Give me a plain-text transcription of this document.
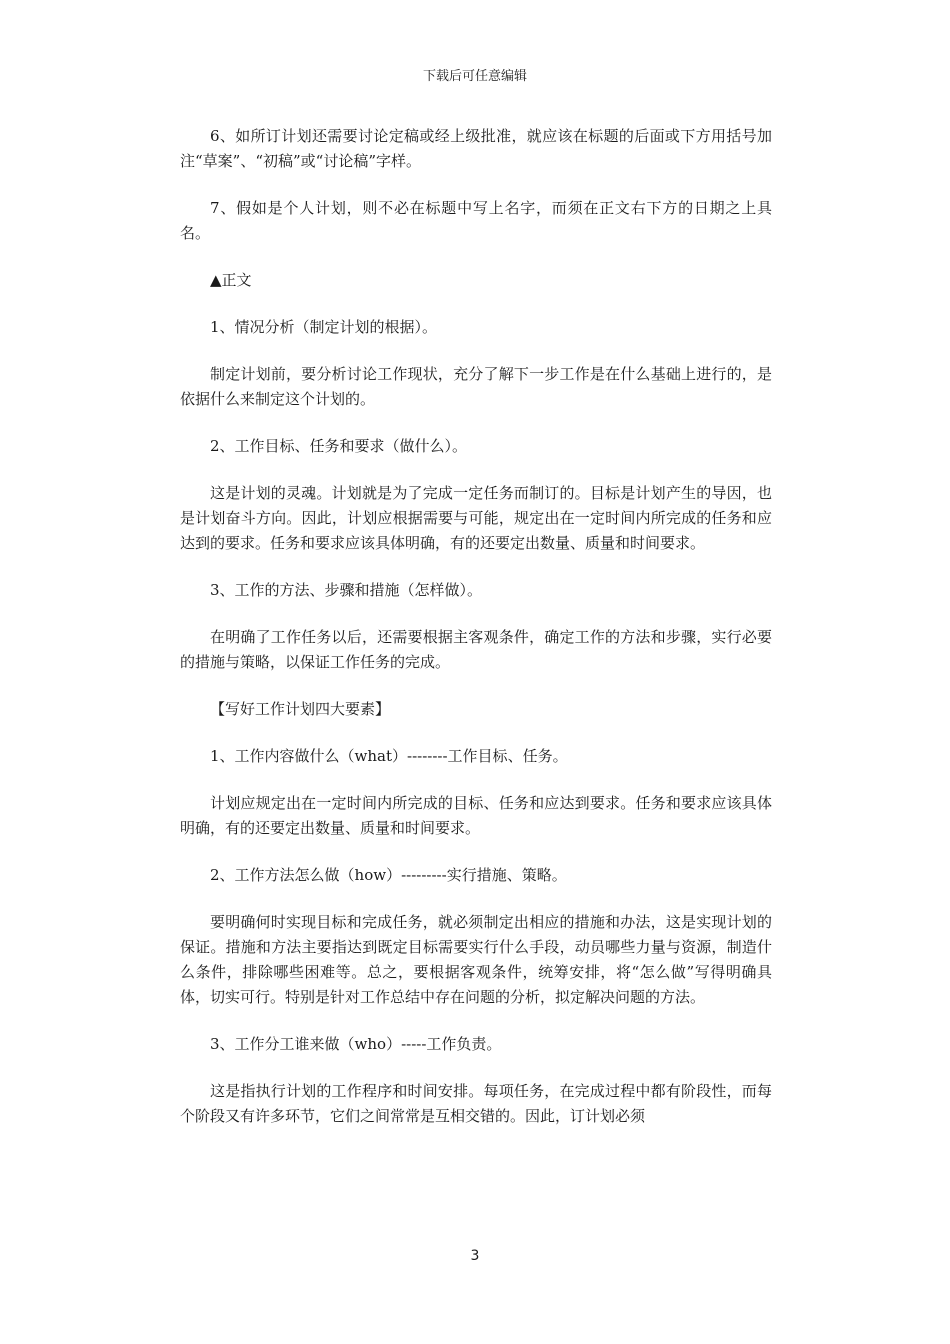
下载后可任意编辑

6、如所订计划还需要讨论定稿或经上级批准，就应该在标题的后面或下方用括号加注“草案”、“初稿”或“讨论稿”字样。

7、假如是个人计划，则不必在标题中写上名字，而须在正文右下方的日期之上具名。

▲正文

1、情况分析（制定计划的根据）。

制定计划前，要分析讨论工作现状，充分了解下一步工作是在什么基础上进行的，是依据什么来制定这个计划的。

2、工作目标、任务和要求（做什么）。

这是计划的灵魂。计划就是为了完成一定任务而制订的。目标是计划产生的导因，也是计划奋斗方向。因此，计划应根据需要与可能，规定出在一定时间内所完成的任务和应达到的要求。任务和要求应该具体明确，有的还要定出数量、质量和时间要求。

3、工作的方法、步骤和措施（怎样做）。

在明确了工作任务以后，还需要根据主客观条件，确定工作的方法和步骤，实行必要的措施与策略，以保证工作任务的完成。

【写好工作计划四大要素】

1、工作内容做什么（what）--------工作目标、任务。

计划应规定出在一定时间内所完成的目标、任务和应达到要求。任务和要求应该具体明确，有的还要定出数量、质量和时间要求。

2、工作方法怎么做（how）---------实行措施、策略。

要明确何时实现目标和完成任务，就必须制定出相应的措施和办法，这是实现计划的保证。措施和方法主要指达到既定目标需要实行什么手段，动员哪些力量与资源，制造什么条件，排除哪些困难等。总之，要根据客观条件，统筹安排，将“怎么做”写得明确具体，切实可行。特别是针对工作总结中存在问题的分析，拟定解决问题的方法。

3、工作分工谁来做（who）-----工作负责。

这是指执行计划的工作程序和时间安排。每项任务，在完成过程中都有阶段性，而每个阶段又有许多环节，它们之间常常是互相交错的。因此，订计划必须

3
